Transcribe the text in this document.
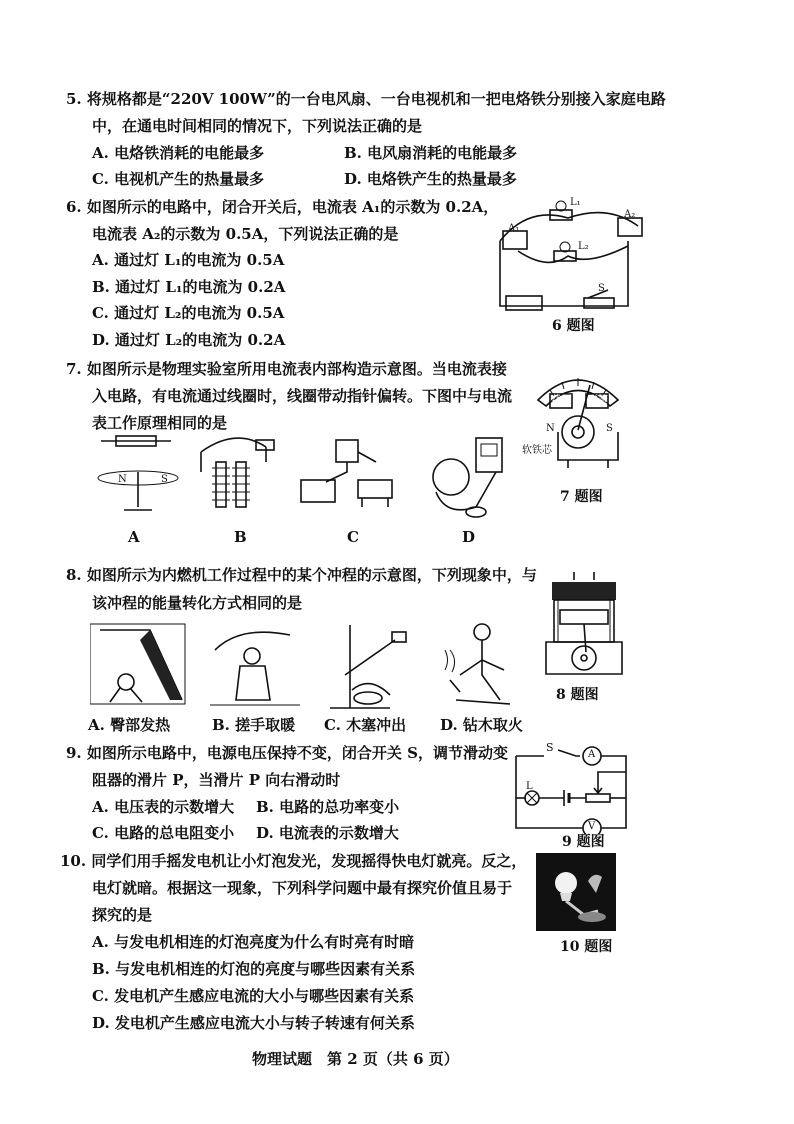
5. 将规格都是“220V 100W”的一台电风扇、一台电视机和一把电烙铁分别接入家庭电路
中，在通电时间相同的情况下，下列说法正确的是
A. 电烙铁消耗的电能最多	B. 电风扇消耗的电能最多
C. 电视机产生的热量最多	D. 电烙铁产生的热量最多
6. 如图所示的电路中，闭合开关后，电流表 A₁的示数为 0.2A，
电流表 A₂的示数为 0.5A，下列说法正确的是
A. 通过灯 L₁的电流为 0.5A
B. 通过灯 L₁的电流为 0.2A
C. 通过灯 L₂的电流为 0.5A
D. 通过灯 L₂的电流为 0.2A
L₁
L₂
A₁
A₂
S
6 题图
7. 如图所示是物理实验室所用电流表内部构造示意图。当电流表接
入电路，有电流通过线圈时，线圈带动指针偏转。下图中与电流
表工作原理相同的是
N	S
A	B	C	D
线圈 弹簧
N	S
软铁芯
7 题图
8. 如图所示为内燃机工作过程中的某个冲程的示意图，下列现象中，与
该冲程的能量转化方式相同的是
A. 臀部发热	B. 搓手取暖 C. 木塞冲出 D. 钻木取火
8 题图
9. 如图所示电路中，电源电压保持不变，闭合开关 S，调节滑动变
阻器的滑片 P，当滑片 P 向右滑动时
A. 电压表的示数增大 B. 电路的总功率变小
C. 电路的总电阻变小 D. 电流表的示数增大
S
A
V
L
9 题图
10. 同学们用手摇发电机让小灯泡发光，发现摇得快电灯就亮。反之，
电灯就暗。根据这一现象，下列科学问题中最有探究价值且易于
探究的是
A. 与发电机相连的灯泡亮度为什么有时亮有时暗
B. 与发电机相连的灯泡的亮度与哪些因素有关系
C. 发电机产生感应电流的大小与哪些因素有关系
D. 发电机产生感应电流大小与转子转速有何关系
10 题图
物理试题　第 2 页（共 6 页）
